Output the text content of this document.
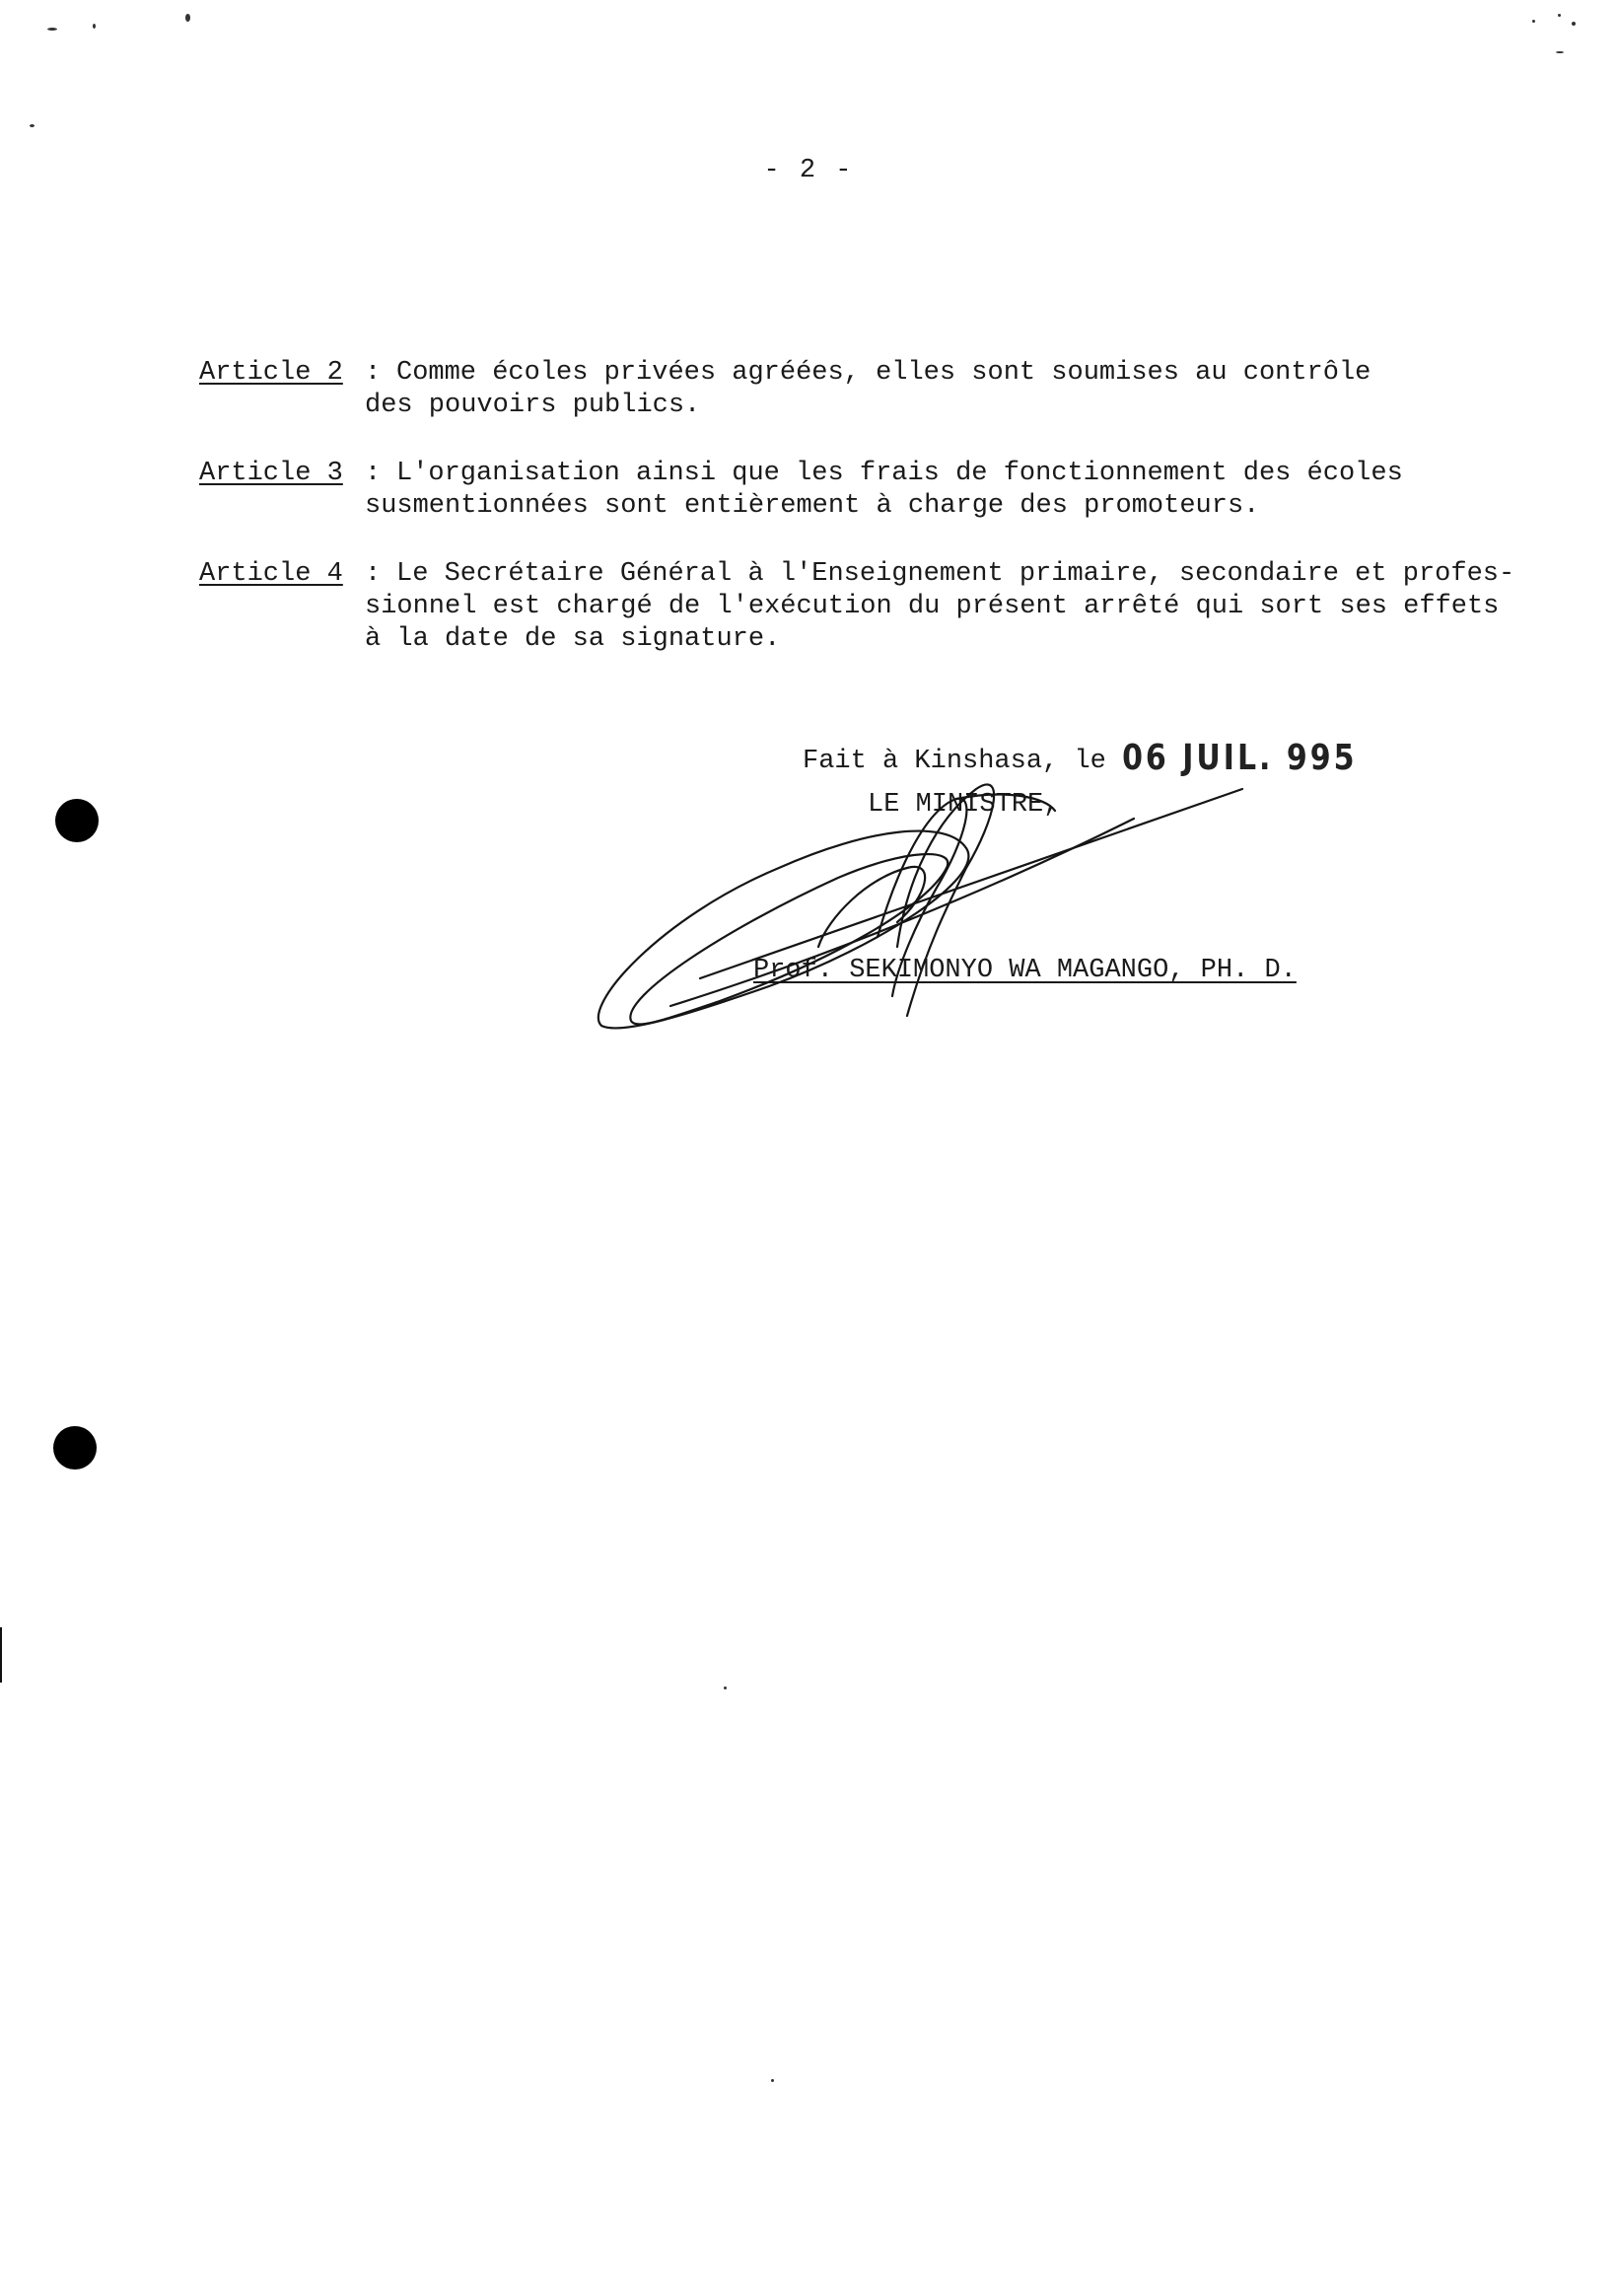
- 2 -
Article 2 : Comme écoles privées agréées, elles sont soumises au contrôle
des pouvoirs publics.
Article 3 : L'organisation ainsi que les frais de fonctionnement des écoles
susmentionnées sont entièrement à charge des promoteurs.
Article 4 : Le Secrétaire Général à l'Enseignement primaire, secondaire et profes-
sionnel est chargé de l'exécution du présent arrêté qui sort ses effets
à la date de sa signature.
Fait à Kinshasa, le 06 JUIL. 995
LE MINISTRE,
Prof. SEKIMONYO WA MAGANGO, PH. D.
